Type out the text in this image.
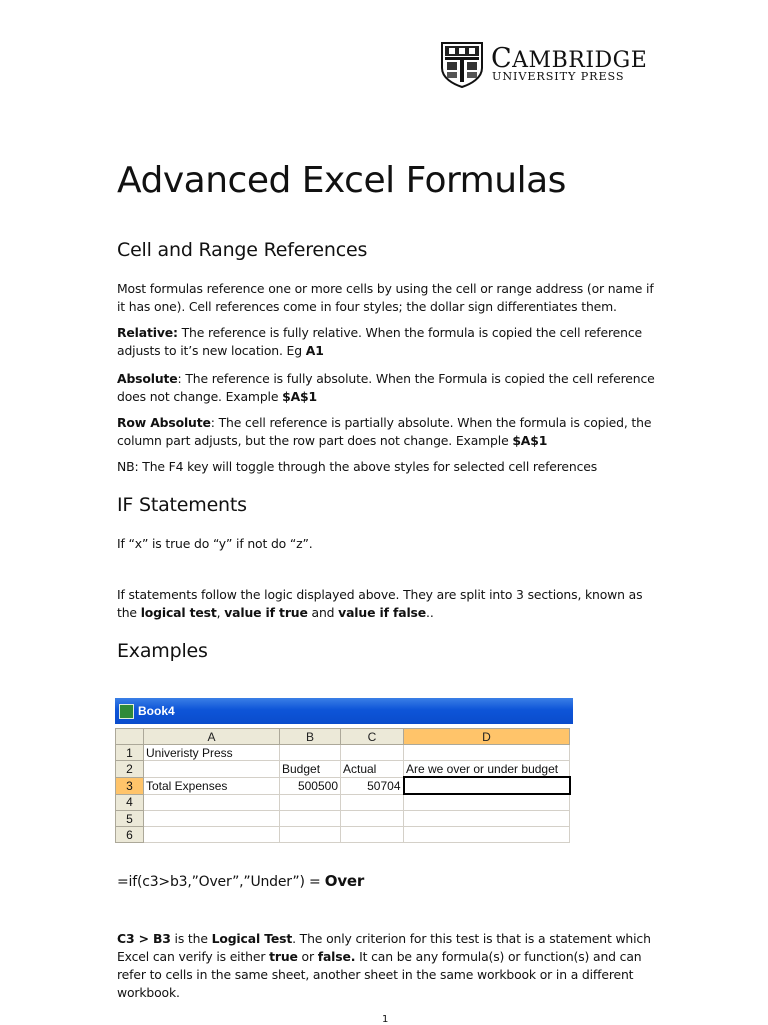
CAMBRIDGE
UNIVERSITY PRESS
Advanced Excel Formulas
Cell and Range References

Most formulas reference one or more cells by using the cell or range address (or name if it has one). Cell references come in four styles; the dollar sign differentiates them.

Relative: The reference is fully relative. When the formula is copied the cell reference adjusts to it’s new location. Eg A1

Absolute: The reference is fully absolute. When the Formula is copied the cell reference does not change. Example $A$1

Row Absolute: The cell reference is partially absolute. When the formula is copied, the column part adjusts, but the row part does not change. Example $A$1

NB: The F4 key will toggle through the above styles for selected cell references

IF Statements

If “x” is true do “y” if not do “z”.

If statements follow the logic displayed above. They are split into 3 sections, known as the logical test, value if true and value if false..

Examples
Book4
	A	B	C	D
1	Univeristy Press			
2		Budget	Actual	Are we over or under budget
3	Total Expenses	500500	50704	
4				
5				
6				
=if(c3>b3,”Over”,”Under”) = Over

C3 > B3 is the Logical Test. The only criterion for this test is that is a statement which Excel can verify is either true or false. It can be any formula(s) or function(s) and can refer to cells in the same sheet, another sheet in the same workbook or in a different workbook.

1
